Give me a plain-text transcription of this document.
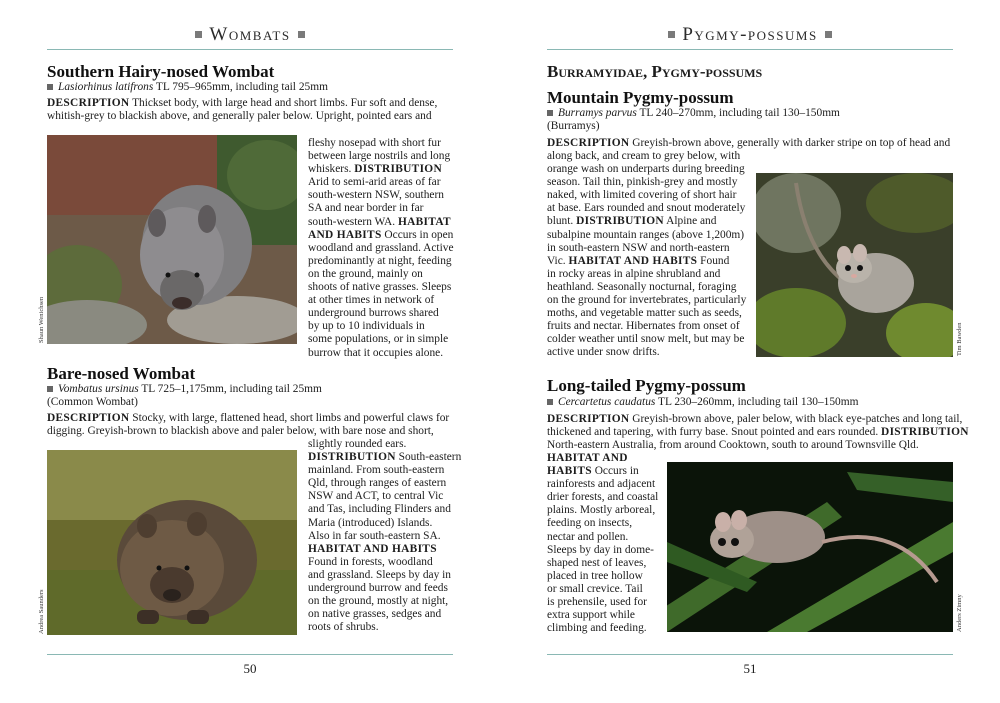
Wombats
Southern Hairy-nosed Wombat
Lasiorhinus latifrons TL 795–965mm, including tail 25mm
DESCRIPTION Thickset body, with large head and short limbs. Fur soft and dense,
whitish-grey to blackish above, and generally paler below. Upright, pointed ears and
Shaun Wenichsen
fleshy nosepad with short fur
between large nostrils and long
whiskers. DISTRIBUTION
Arid to semi-arid areas of far
south-western NSW, southern
SA and near border in far
south-western WA. HABITAT
AND HABITS Occurs in open
woodland and grassland. Active
predominantly at night, feeding
on the ground, mainly on
shoots of native grasses. Sleeps
at other times in network of
underground burrows shared
by up to 10 individuals in
some populations, or in simple
burrow that it occupies alone.
Bare-nosed Wombat
Vombatus ursinus TL 725–1,175mm, including tail 25mm
(Common Wombat)
DESCRIPTION Stocky, with large, flattened head, short limbs and powerful claws for
digging. Greyish-brown to blackish above and paler below, with bare nose and short,
Andrea Saunders
slightly rounded ears.
DISTRIBUTION South-eastern
mainland. From south-eastern
Qld, through ranges of eastern
NSW and ACT, to central Vic
and Tas, including Flinders and
Maria (introduced) Islands.
Also in far south-eastern SA.
HABITAT AND HABITS
Found in forests, woodland
and grassland. Sleeps by day in
underground burrow and feeds
on the ground, mostly at night,
on native grasses, sedges and
roots of shrubs.
50
Pygmy-possums
Burramyidae, Pygmy-possums
Mountain Pygmy-possum
Burramys parvus TL 240–270mm, including tail 130–150mm
(Burramys)
DESCRIPTION Greyish-brown above, generally with darker stripe on top of head and
along back, and cream to grey below, with
orange wash on underparts during breeding
season. Tail thin, pinkish-grey and mostly
naked, with limited covering of short hair
at base. Ears rounded and snout moderately
blunt. DISTRIBUTION Alpine and
subalpine mountain ranges (above 1,200m)
in south-eastern NSW and north-eastern
Vic. HABITAT AND HABITS Found
in rocky areas in alpine shrubland and
heathland. Seasonally nocturnal, foraging
on the ground for invertebrates, particularly
moths, and vegetable matter such as seeds,
fruits and nectar. Hibernates from onset of
colder weather until snow melt, but may be
active under snow drifts.	Tim Bawden
Long-tailed Pygmy-possum
Cercartetus caudatus TL 230–260mm, including tail 130–150mm
DESCRIPTION Greyish-brown above, paler below, with black eye-patches and long tail,
thickened and tapering, with furry base. Snout pointed and ears rounded. DISTRIBUTION
North-eastern Australia, from around Cooktown, south to around Townsville Qld.
HABITAT AND
HABITS Occurs in
rainforests and adjacent
drier forests, and coastal
plains. Mostly arboreal,
feeding on insects,
nectar and pollen.
Sleeps by day in dome-
shaped nest of leaves,
placed in tree hollow
or small crevice. Tail
is prehensile, used for
extra support while
climbing and feeding.	Anders Zimny
51
